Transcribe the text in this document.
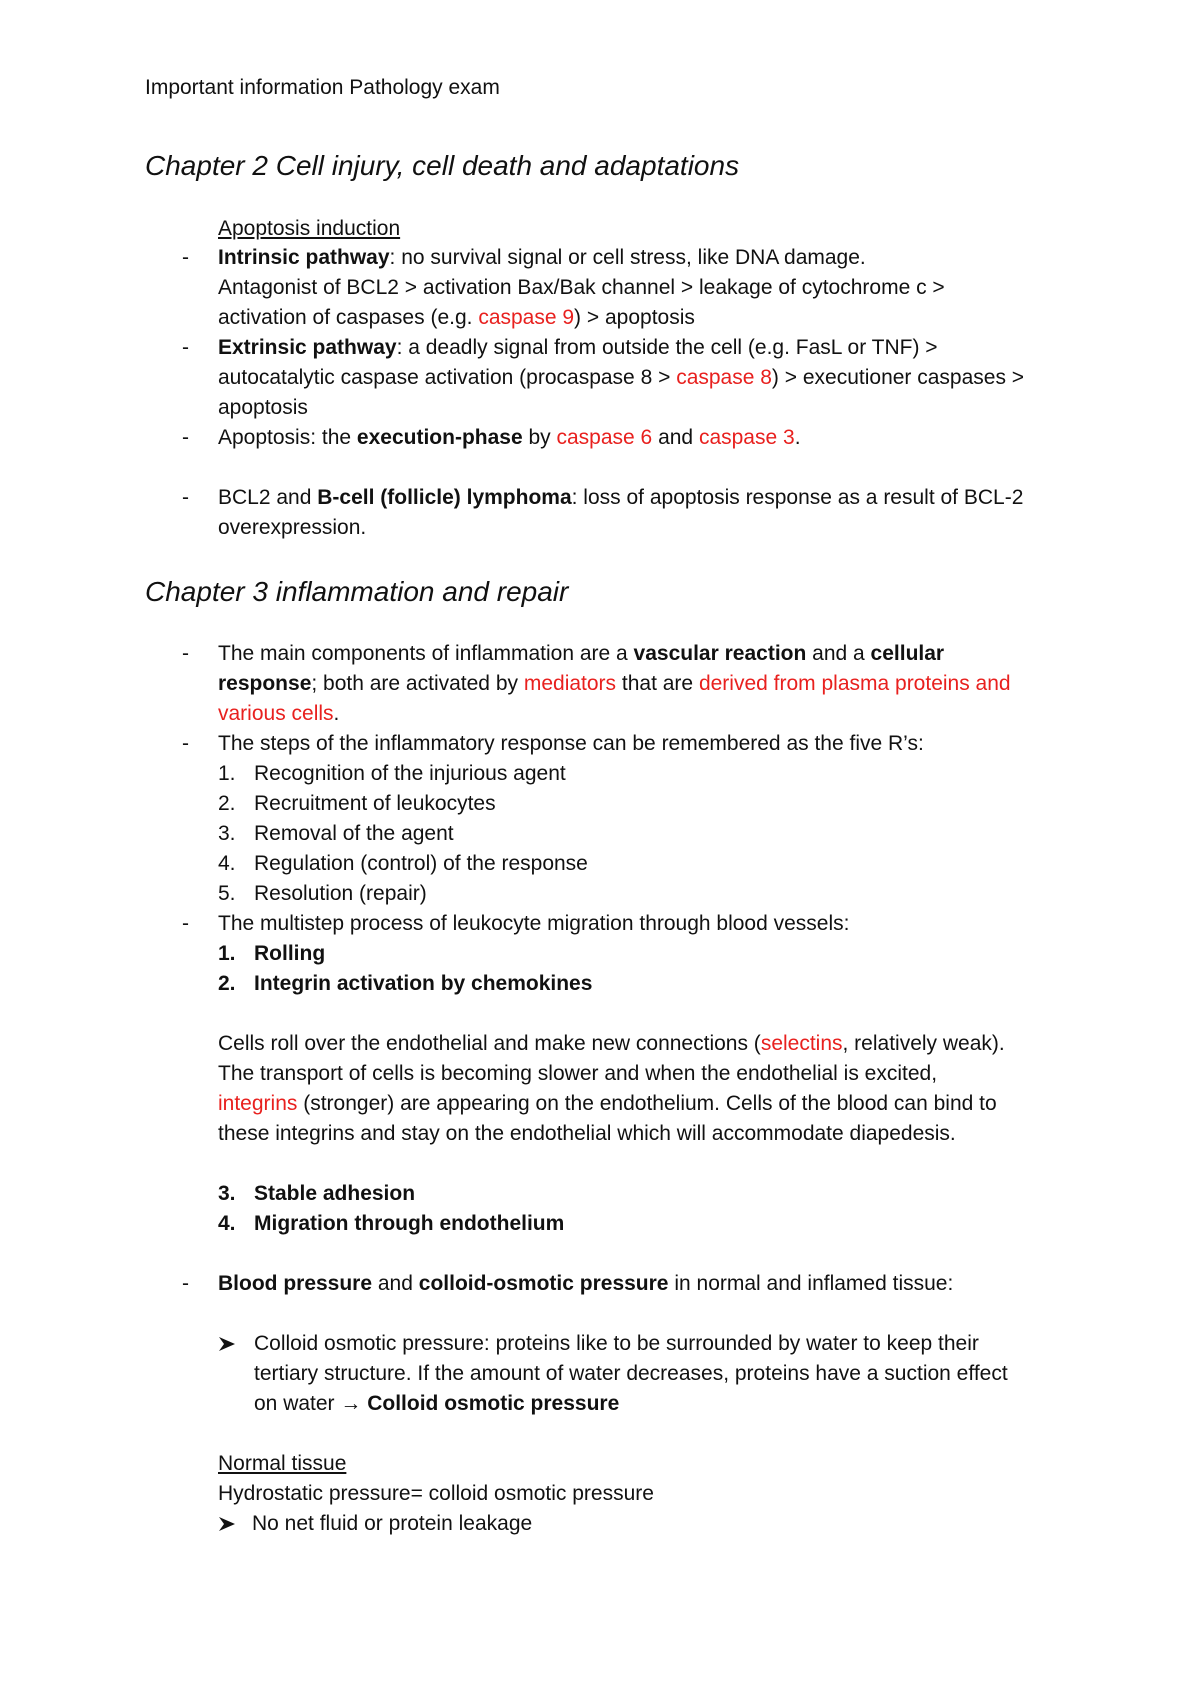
Important information Pathology exam
Chapter 2 Cell injury, cell death and adaptations
Apoptosis induction
- Intrinsic pathway: no survival signal or cell stress, like DNA damage.
Antagonist of BCL2 > activation Bax/Bak channel > leakage of cytochrome c >
activation of caspases (e.g. caspase 9) > apoptosis
- Extrinsic pathway: a deadly signal from outside the cell (e.g. FasL or TNF) >
autocatalytic caspase activation (procaspase 8 > caspase 8) > executioner caspases >
apoptosis
- Apoptosis: the execution-phase by caspase 6 and caspase 3.
- BCL2 and B-cell (follicle) lymphoma: loss of apoptosis response as a result of BCL-2
overexpression.
Chapter 3 inflammation and repair
- The main components of inflammation are a vascular reaction and a cellular
response; both are activated by mediators that are derived from plasma proteins and
various cells.
- The steps of the inflammatory response can be remembered as the five R’s:
1. Recognition of the injurious agent
2. Recruitment of leukocytes
3. Removal of the agent
4. Regulation (control) of the response
5. Resolution (repair)
- The multistep process of leukocyte migration through blood vessels:
1. Rolling
2. Integrin activation by chemokines
Cells roll over the endothelial and make new connections (selectins, relatively weak).
The transport of cells is becoming slower and when the endothelial is excited,
integrins (stronger) are appearing on the endothelium. Cells of the blood can bind to
these integrins and stay on the endothelial which will accommodate diapedesis.
3. Stable adhesion
4. Migration through endothelium
- Blood pressure and colloid-osmotic pressure in normal and inflamed tissue:
Colloid osmotic pressure: proteins like to be surrounded by water to keep their
tertiary structure. If the amount of water decreases, proteins have a suction effect
on water → Colloid osmotic pressure
Normal tissue
Hydrostatic pressure= colloid osmotic pressure
No net fluid or protein leakage
